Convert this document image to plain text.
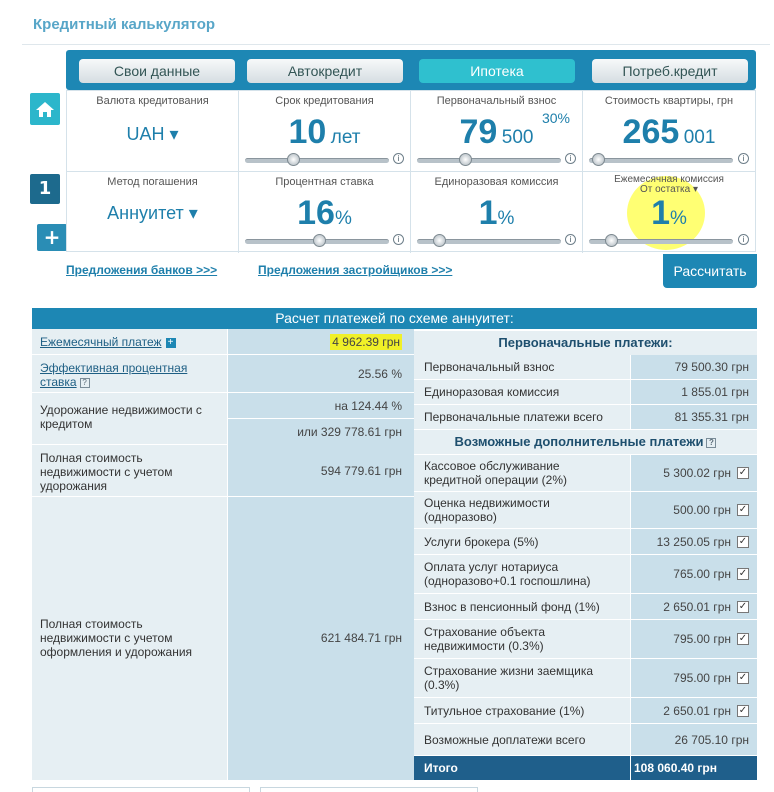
Кредитный калькулятор
Свои данные	Автокредит	Ипотека	Потреб.кредит
1
+
Валюта кредитования
UAH ▾
Срок кредитования
10 лет
i
Первоначальный взнос
30%
79 500
i
Стоимость квартиры, грн
265 001
i
Метод погашения
Аннуитет ▾
Процентная ставка
16%
i
Единоразовая комиссия
1%
i
Ежемесячная комиссия
От остатка ▾
1%
i
Предложения банков >>>	Предложения застройщиков >>>	Рассчитать
Расчет платежей по схеме аннуитет:
Ежемесячный платеж +	4 962.39 грн
Эффективная процентная ставка ?
25.56 %
Удорожание недвижимости с кредитом
на 124.44 %
или 329 778.61 грн
Полная стоимость недвижимости с учетом удорожания
594 779.61 грн
Полная стоимость недвижимости с учетом оформления и удорожания
621 484.71 грн
Первоначальные платежи:
Первоначальный взнос	79 500.30 грн
Единоразовая комиссия	1 855.01 грн
Первоначальные платежи всего	81 355.31 грн
Возможные дополнительные платежи ?
Кассовое обслуживание кредитной операции (2%)	5 300.02 грн ✓
Оценка недвижимости (одноразово)	500.00 грн ✓
Услуги брокера (5%)	13 250.05 грн ✓
Оплата услуг нотариуса (одноразово+0.1 госпошлина)	765.00 грн ✓
Взнос в пенсионный фонд (1%)	2 650.01 грн ✓
Страхование объекта недвижимости (0.3%)	795.00 грн ✓
Страхование жизни заемщика (0.3%)	795.00 грн ✓
Титульное страхование (1%)	2 650.01 грн ✓
Возможные доплатежи всего	26 705.10 грн
Итого	108 060.40 грн
